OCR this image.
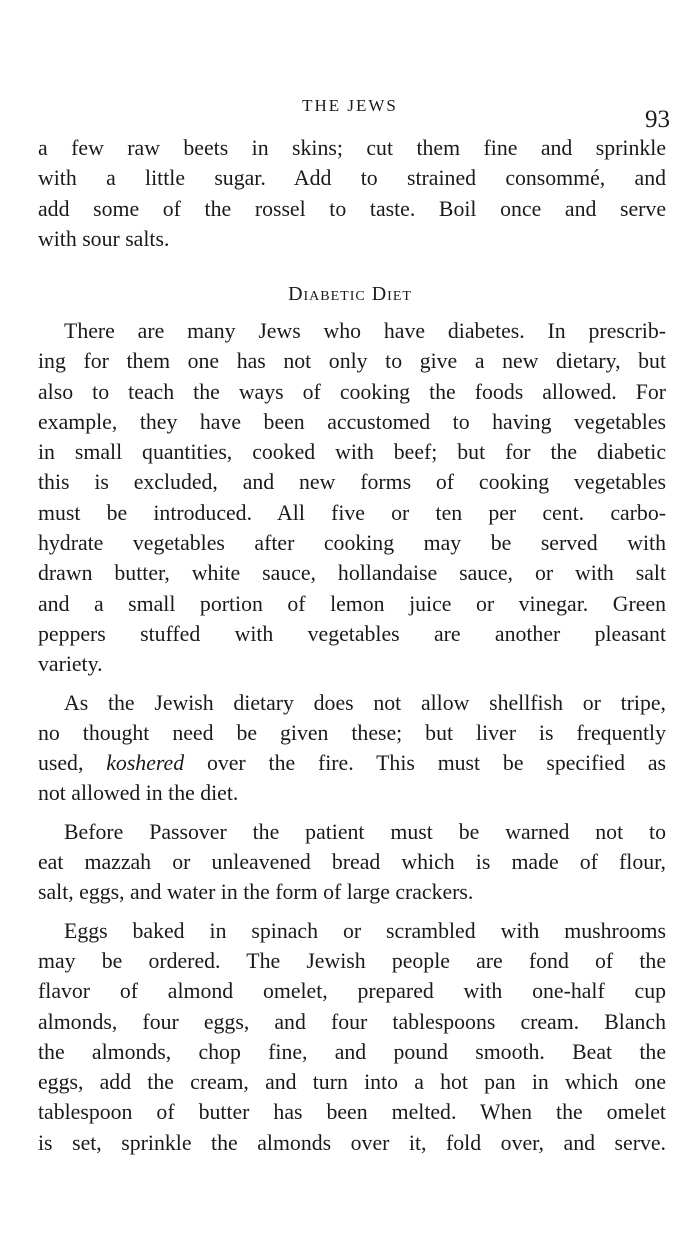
THE JEWS
93
a few raw beets in skins; cut them fine and sprinkle
with a little sugar. Add to strained consommé, and
add some of the rossel to taste. Boil once and serve
with sour salts.
Diabetic Diet
There are many Jews who have diabetes. In prescrib-
ing for them one has not only to give a new dietary, but
also to teach the ways of cooking the foods allowed. For
example, they have been accustomed to having vegetables
in small quantities, cooked with beef; but for the diabetic
this is excluded, and new forms of cooking vegetables
must be introduced. All five or ten per cent. carbo-
hydrate vegetables after cooking may be served with
drawn butter, white sauce, hollandaise sauce, or with salt
and a small portion of lemon juice or vinegar. Green
peppers stuffed with vegetables are another pleasant
variety.
As the Jewish dietary does not allow shellfish or tripe,
no thought need be given these; but liver is frequently
used, koshered over the fire. This must be specified as
not allowed in the diet.
Before Passover the patient must be warned not to
eat mazzah or unleavened bread which is made of flour,
salt, eggs, and water in the form of large crackers.
Eggs baked in spinach or scrambled with mushrooms
may be ordered. The Jewish people are fond of the
flavor of almond omelet, prepared with one-half cup
almonds, four eggs, and four tablespoons cream. Blanch
the almonds, chop fine, and pound smooth. Beat the
eggs, add the cream, and turn into a hot pan in which one
tablespoon of butter has been melted. When the omelet
is set, sprinkle the almonds over it, fold over, and serve.
